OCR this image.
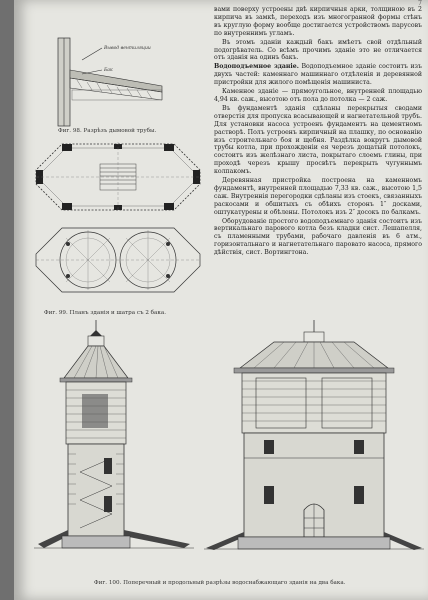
7
Вывод вентиляции
Бак
Фиг. 98. Разрѣзъ дымовой трубы.
Фиг. 99. Планъ зданія и шатра съ 2 бака.

вами поверху устроены двѣ кирпичныя арки, толщиною въ 2 кирпича въ замкѣ, переходъ изъ многогранной формы стѣнъ въ круглую форму вообще достигается устройствомъ парусовъ по внутреннимъ угламъ.

Въ этомъ зданіи каждый бакъ имѣетъ свой отдѣльный подогрѣватель. Со всѣмъ прочимъ зданіе это не отличается отъ зданія на одинъ бакъ.

Водоподъемное зданіе. Водоподъемное зданіе состоитъ изъ двухъ частей: каменнаго машиннаго отдѣленія и деревянной пристройки для жилого помѣщенія машиниста.

Каменное зданіе — прямоугольное, внутренней площадью 4,94 кв. саж., высотою отъ пола до потолка — 2 саж.

Въ фундаментѣ зданія сдѣланы перекрытыя сводами отверстія для пропуска всасывающей и нагнетательной трубъ. Для установки насоса устроенъ фундаментъ на цементномъ растворѣ. Полъ устроенъ кирпичный на плашку, по основанію изъ строительнаго боя и щебня. Раздѣлка вокругъ дымовой трубы котла, при прохожденіи ея черезъ дощатый потолокъ, состоитъ изъ желѣзнаго листа, покрытаго слоемъ глины, при проходѣ черезъ крышу просвѣтъ перекрыть чугуннымъ колпакомъ.

Деревянная пристройка построена на каменномъ фундаментѣ, внутренней площадью 7,33 кв. саж., высотою 1,5 саж. Внутреннія перегородки сдѣланы изъ стоекъ, связанныхъ раскосами и обшитыхъ съ обѣихъ сторонъ 1″ досками, оштукатурены и обѣлены. Потолокъ изъ 2″ досокъ по балкамъ.

Оборудованіе простого водоподъемнаго зданія состоитъ изъ вертикальнаго парового котла безъ кладки сист. Лешапелля, съ пламенными трубами, рабочаго давленія въ 6 атм., горизонтальнаго и нагнетательнаго паровато насоса, прямого дѣйствія, сист. Вортингтона.

Фиг. 100. Поперечный и продольный разрѣзы водоснабжающаго зданія на два бака.
